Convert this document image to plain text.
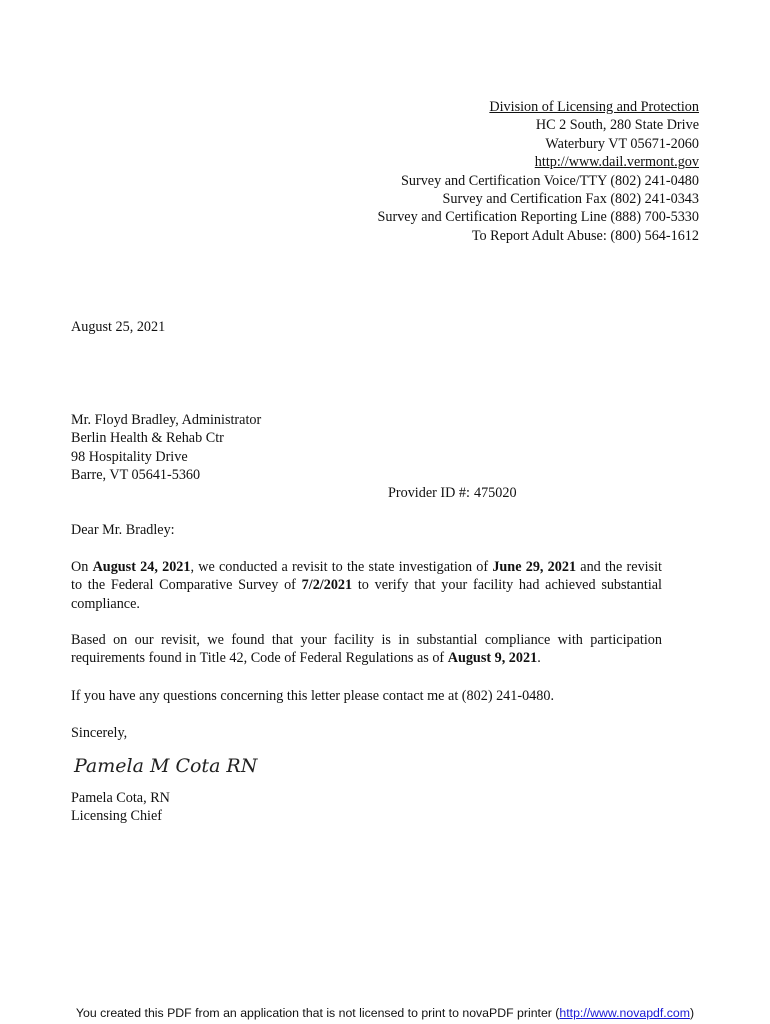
Division of Licensing and Protection
HC 2 South, 280 State Drive
Waterbury VT 05671-2060
http://www.dail.vermont.gov
Survey and Certification Voice/TTY (802) 241-0480
Survey and Certification Fax (802) 241-0343
Survey and Certification Reporting Line (888) 700-5330
To Report Adult Abuse: (800) 564-1612
August 25, 2021
Mr. Floyd Bradley, Administrator
Berlin Health & Rehab Ctr
98 Hospitality Drive
Barre, VT 05641-5360
Provider ID #: 475020
Dear Mr. Bradley:
On August 24, 2021, we conducted a revisit to the state investigation of June 29, 2021 and the revisit to the Federal Comparative Survey of 7/2/2021 to verify that your facility had achieved substantial compliance.
Based on our revisit, we found that your facility is in substantial compliance with participation requirements found in Title 42, Code of Federal Regulations as of August 9, 2021.
If you have any questions concerning this letter please contact me at (802) 241-0480.
Sincerely,
Pamela M Cota RN
Pamela Cota, RN
Licensing Chief
You created this PDF from an application that is not licensed to print to novaPDF printer (http://www.novapdf.com)
